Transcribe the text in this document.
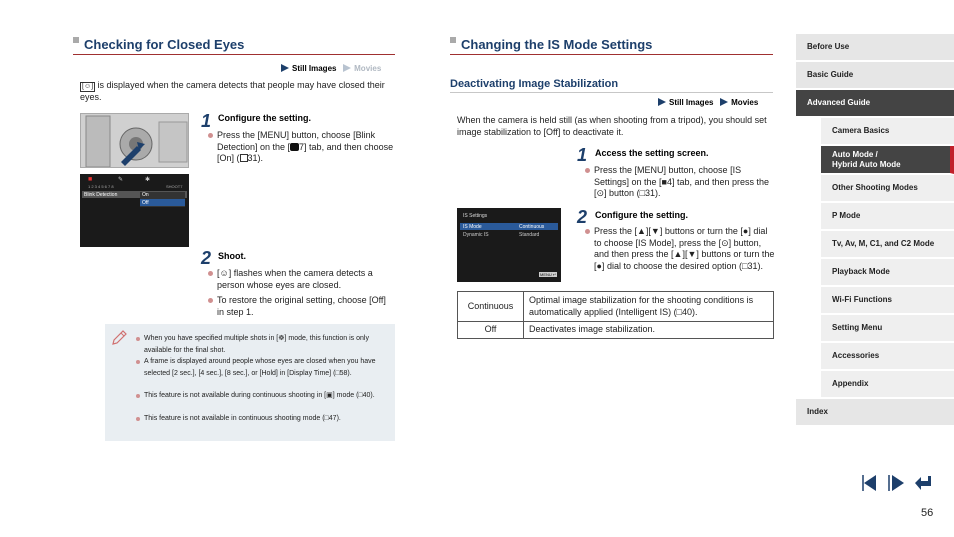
Checking for Closed Eyes
Still Images Movies
[☺] is displayed when the camera detects that people may have closed their eyes.
■	✎	✱
1 2 3 4 5 6 7 8	SHOOT7
Blink Detection	On
Off
1 Configure the setting.
Press the [MENU] button, choose [Blink Detection] on the [ 7] tab, and then choose [On] ( 31).
2 Shoot.
[☺] flashes when the camera detects a person whose eyes are closed.
To restore the original setting, choose [Off] in step 1.
When you have specified multiple shots in [☸] mode, this function is only available for the final shot.
A frame is displayed around people whose eyes are closed when you have selected [2 sec.], [4 sec.], [8 sec.], or [Hold] in [Display Time] (□58).
This feature is not available during continuous shooting in [▣] mode (□40).
This feature is not available in continuous shooting mode (□47).
Changing the IS Mode Settings
Deactivating Image Stabilization
Still Images Movies
When the camera is held still (as when shooting from a tripod), you should set image stabilization to [Off] to deactivate it.
1 Access the setting screen.
Press the [MENU] button, choose [IS Settings] on the [■4] tab, and then press the [⊙] button (□31).
IS Settings
IS Mode	Continuous
Dynamic IS	Standard
MENU ↵
2 Configure the setting.
Press the [▲][▼] buttons or turn the [●] dial to choose [IS Mode], press the [⊙] button, and then press the [▲][▼] buttons or turn the [●] dial to choose the desired option (□31).
Continuous	Optimal image stabilization for the shooting conditions is automatically applied (Intelligent IS) (□40).
Off	Deactivates image stabilization.
Before Use
Basic Guide
Advanced Guide
Camera Basics
Auto Mode /
Hybrid Auto Mode
Other Shooting Modes
P Mode
Tv, Av, M, C1, and C2 Mode
Playback Mode
Wi-Fi Functions
Setting Menu
Accessories
Appendix
Index
56
